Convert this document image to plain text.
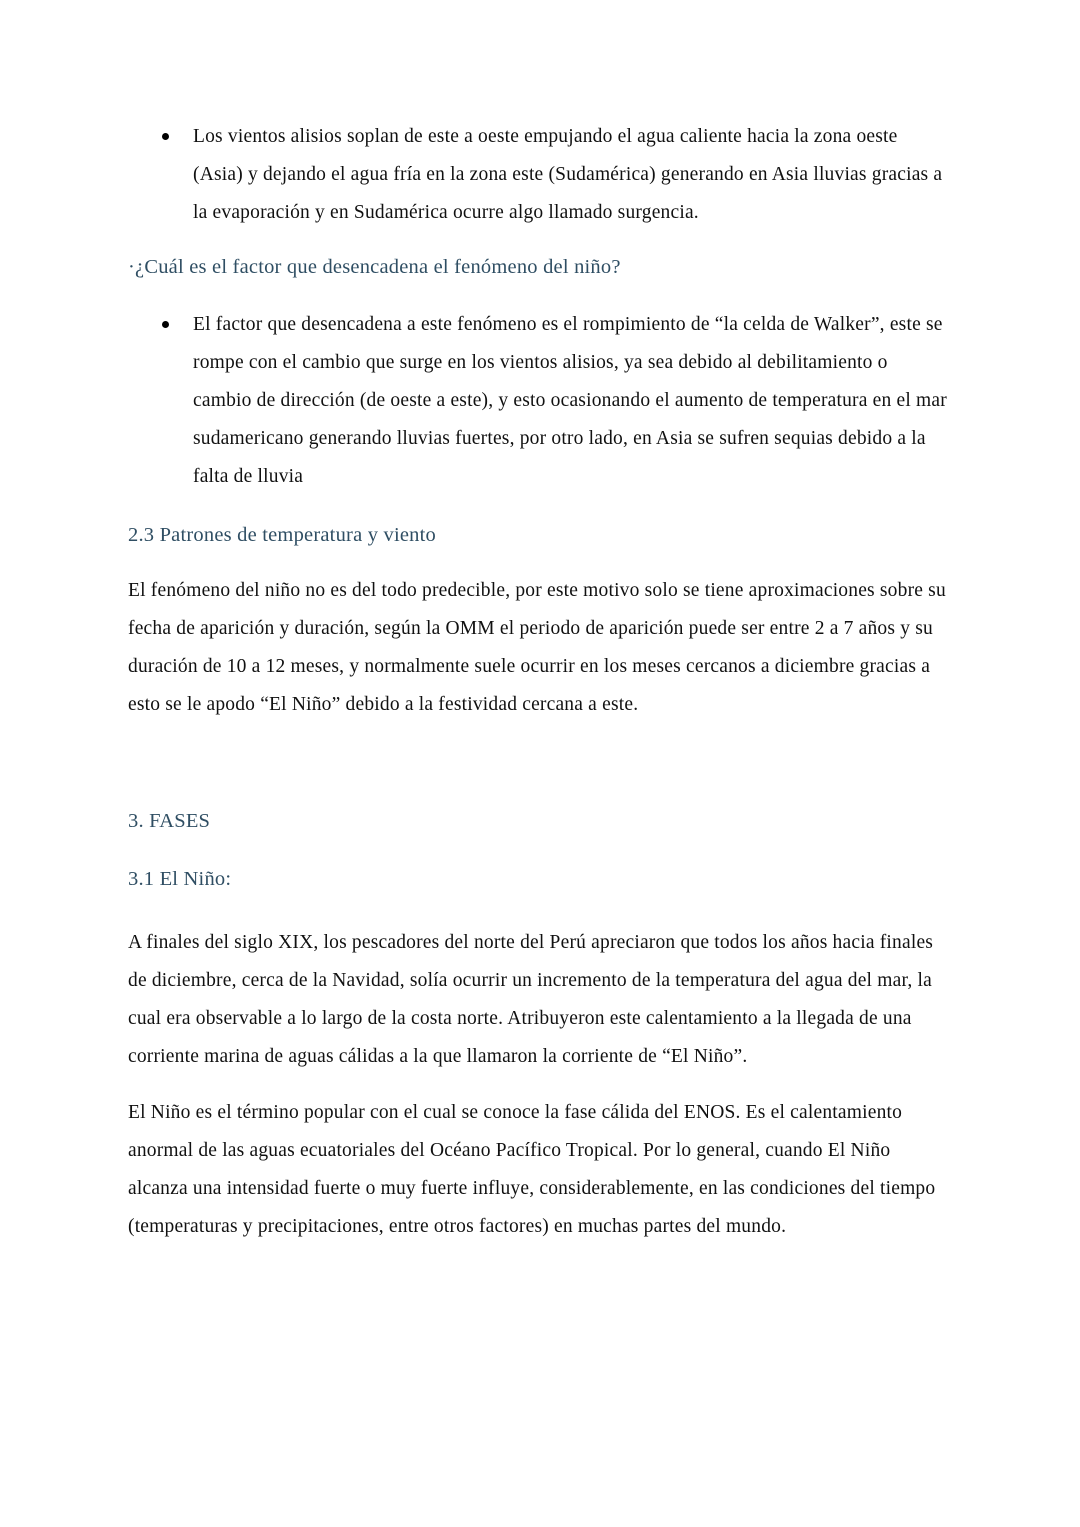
Los vientos alisios soplan de este a oeste empujando el agua caliente hacia la zona oeste (Asia) y dejando el agua fría en la zona este (Sudamérica) generando en Asia lluvias gracias a la evaporación y en Sudamérica ocurre algo llamado surgencia.
·¿Cuál es el factor que desencadena el fenómeno del niño?
El factor que desencadena a este fenómeno es el rompimiento de “la celda de Walker”, este se rompe con el cambio que surge en los vientos alisios, ya sea debido al debilitamiento o cambio de dirección (de oeste a este), y esto ocasionando el aumento de temperatura en el mar sudamericano generando lluvias fuertes, por otro lado, en Asia se sufren sequias debido a la falta de lluvia
2.3 Patrones de temperatura y viento

El fenómeno del niño no es del todo predecible, por este motivo solo se tiene aproximaciones sobre su fecha de aparición y duración, según la OMM el periodo de aparición puede ser entre 2 a 7 años y su duración de 10 a 12 meses, y normalmente suele ocurrir en los meses cercanos a diciembre gracias a esto se le apodo “El Niño” debido a la festividad cercana a este.

3. FASES
3.1 El Niño:

A finales del siglo XIX, los pescadores del norte del Perú apreciaron que todos los años hacia finales de diciembre, cerca de la Navidad, solía ocurrir un incremento de la temperatura del agua del mar, la cual era observable a lo largo de la costa norte. Atribuyeron este calentamiento a la llegada de una corriente marina de aguas cálidas a la que llamaron la corriente de “El Niño”.

El Niño es el término popular con el cual se conoce la fase cálida del ENOS. Es el calentamiento anormal de las aguas ecuatoriales del Océano Pacífico Tropical. Por lo general, cuando El Niño alcanza una intensidad fuerte o muy fuerte influye, considerablemente, en las condiciones del tiempo (temperaturas y precipitaciones, entre otros factores) en muchas partes del mundo.
